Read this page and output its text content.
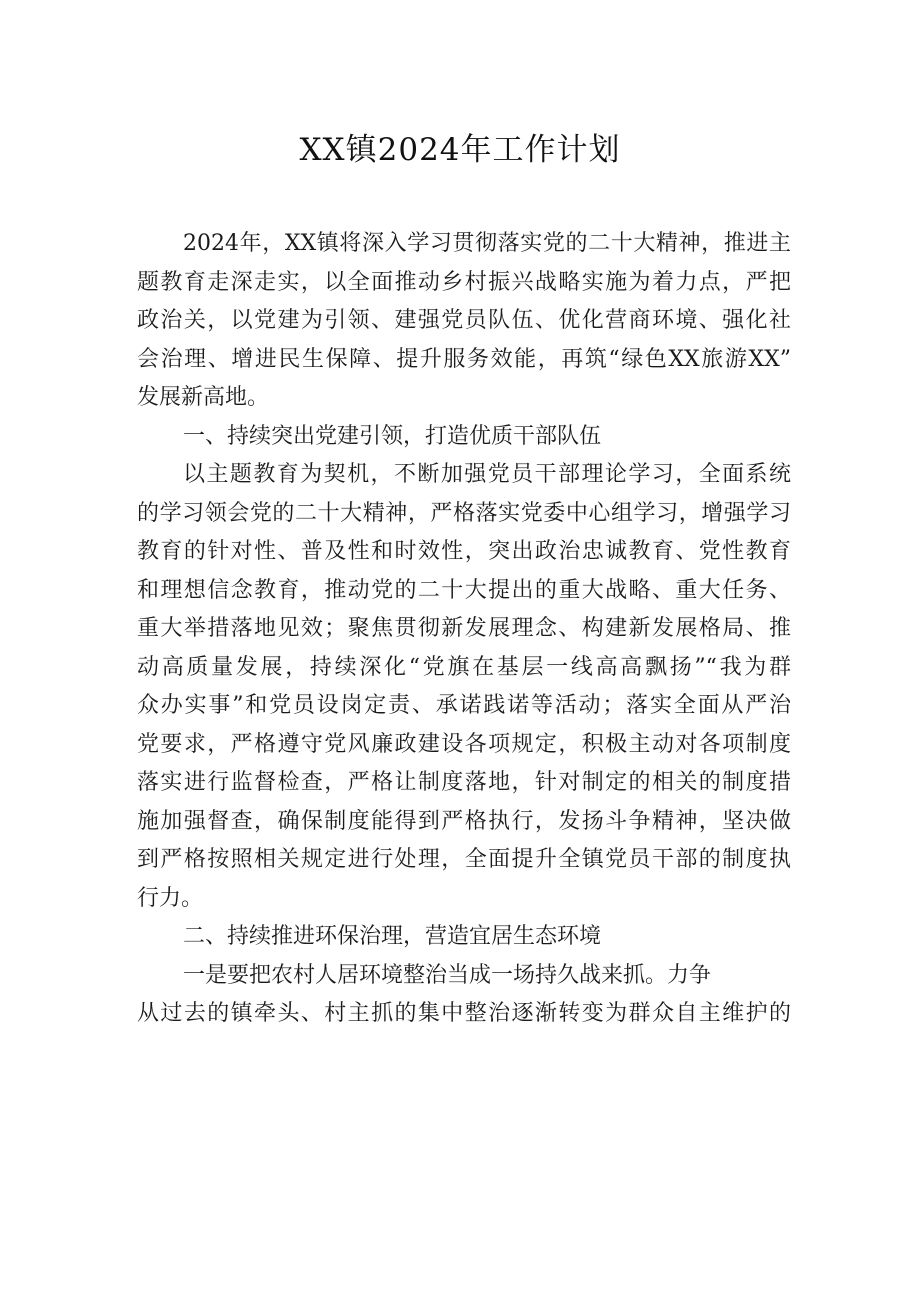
XX镇2024年工作计划
2024年，XX镇将深入学习贯彻落实党的二十大精神，推进主
题教育走深走实，以全面推动乡村振兴战略实施为着力点，严把
政治关，以党建为引领、建强党员队伍、优化营商环境、强化社
会治理、增进民生保障、提升服务效能，再筑“绿色XX旅游XX”
发展新高地。
一、持续突出党建引领，打造优质干部队伍
以主题教育为契机，不断加强党员干部理论学习，全面系统
的学习领会党的二十大精神，严格落实党委中心组学习，增强学习
教育的针对性、普及性和时效性，突出政治忠诚教育、党性教育
和理想信念教育，推动党的二十大提出的重大战略、重大任务、
重大举措落地见效；聚焦贯彻新发展理念、构建新发展格局、推
动高质量发展，持续深化“党旗在基层一线高高飘扬”“我为群
众办实事”和党员设岗定责、承诺践诺等活动；落实全面从严治
党要求，严格遵守党风廉政建设各项规定，积极主动对各项制度
落实进行监督检查，严格让制度落地，针对制定的相关的制度措
施加强督查，确保制度能得到严格执行，发扬斗争精神，坚决做
到严格按照相关规定进行处理，全面提升全镇党员干部的制度执
行力。
二、持续推进环保治理，营造宜居生态环境
一是要把农村人居环境整治当成一场持久战来抓。力争
从过去的镇牵头、村主抓的集中整治逐渐转变为群众自主维护的
